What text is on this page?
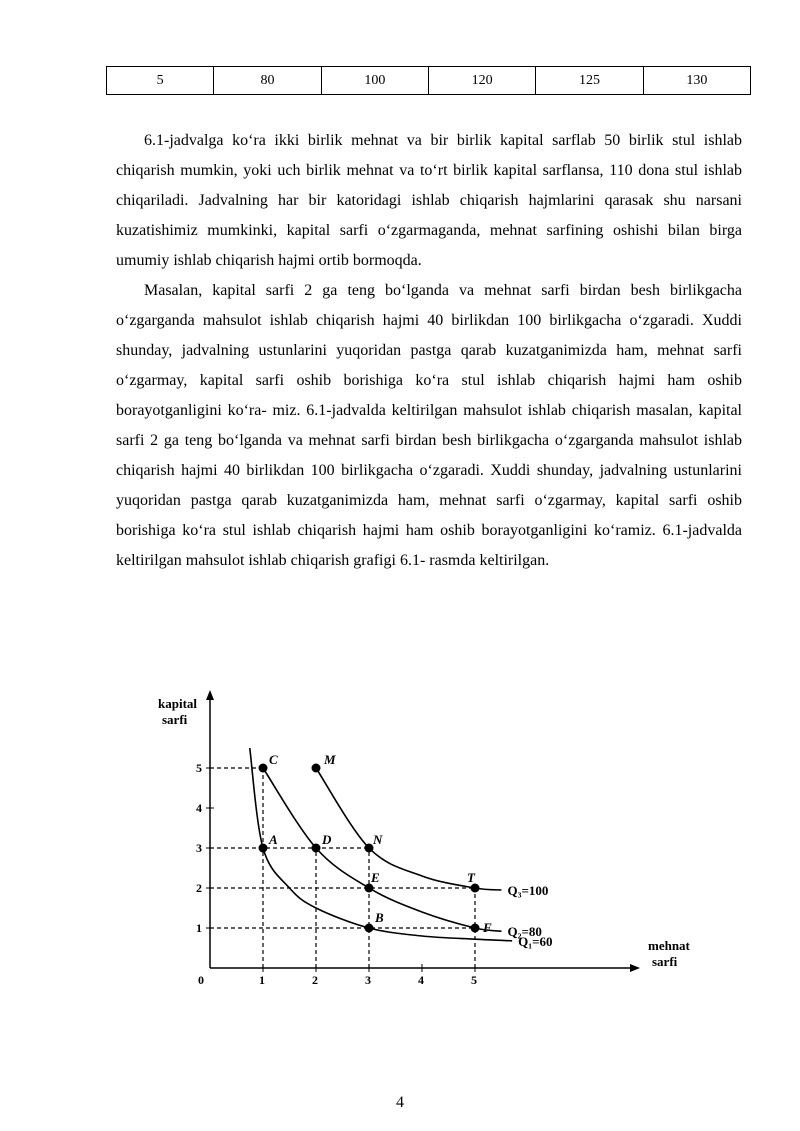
5	80	100	120	125	130

6.1-jadvalga ko‘ra ikki birlik mehnat va bir birlik kapital sarflab 50 birlik stul ishlab chiqarish mumkin, yoki uch birlik mehnat va to‘rt birlik kapital sarflansa, 110 dona stul ishlab chiqariladi. Jadvalning har bir katoridagi ishlab chiqarish hajmlarini qarasak shu narsani kuzatishimiz mumkinki, kapital sarfi o‘zgarmaganda, mehnat sarfining oshishi bilan birga umumiy ishlab chiqarish hajmi ortib bormoqda.

Masalan, kapital sarfi 2 ga teng bo‘lganda va mehnat sarfi birdan besh birlikgacha o‘zgarganda mahsulot ishlab chiqarish hajmi 40 birlikdan 100 birlikgacha o‘zgaradi. Xuddi shunday, jadvalning ustunlarini yuqoridan pastga qarab kuzatganimizda ham, mehnat sarfi o‘zgarmay, kapital sarfi oshib borishiga ko‘ra stul ishlab chiqarish hajmi ham oshib borayotganligini ko‘ra- miz. 6.1-jadvalda keltirilgan mahsulot ishlab chiqarish masalan, kapital sarfi 2 ga teng bo‘lganda va mehnat sarfi birdan besh birlikgacha o‘zgarganda mahsulot ishlab chiqarish hajmi 40 birlikdan 100 birlikgacha o‘zgaradi. Xuddi shunday, jadvalning ustunlarini yuqoridan pastga qarab kuzatganimizda ham, mehnat sarfi o‘zgarmay, kapital sarfi oshib borishiga ko‘ra stul ishlab chiqarish hajmi ham oshib borayotganligini ko‘ramiz. 6.1-jadvalda keltirilgan mahsulot ishlab chiqarish grafigi 6.1- rasmda keltirilgan.

kapital
sarfi
mehnat
sarfi
0	1	2	3	4	5
1
2
3
4
5
Q₁=60
Q₂=80
Q₃=100
C	M
A	D	N
E
B
T
F
4
